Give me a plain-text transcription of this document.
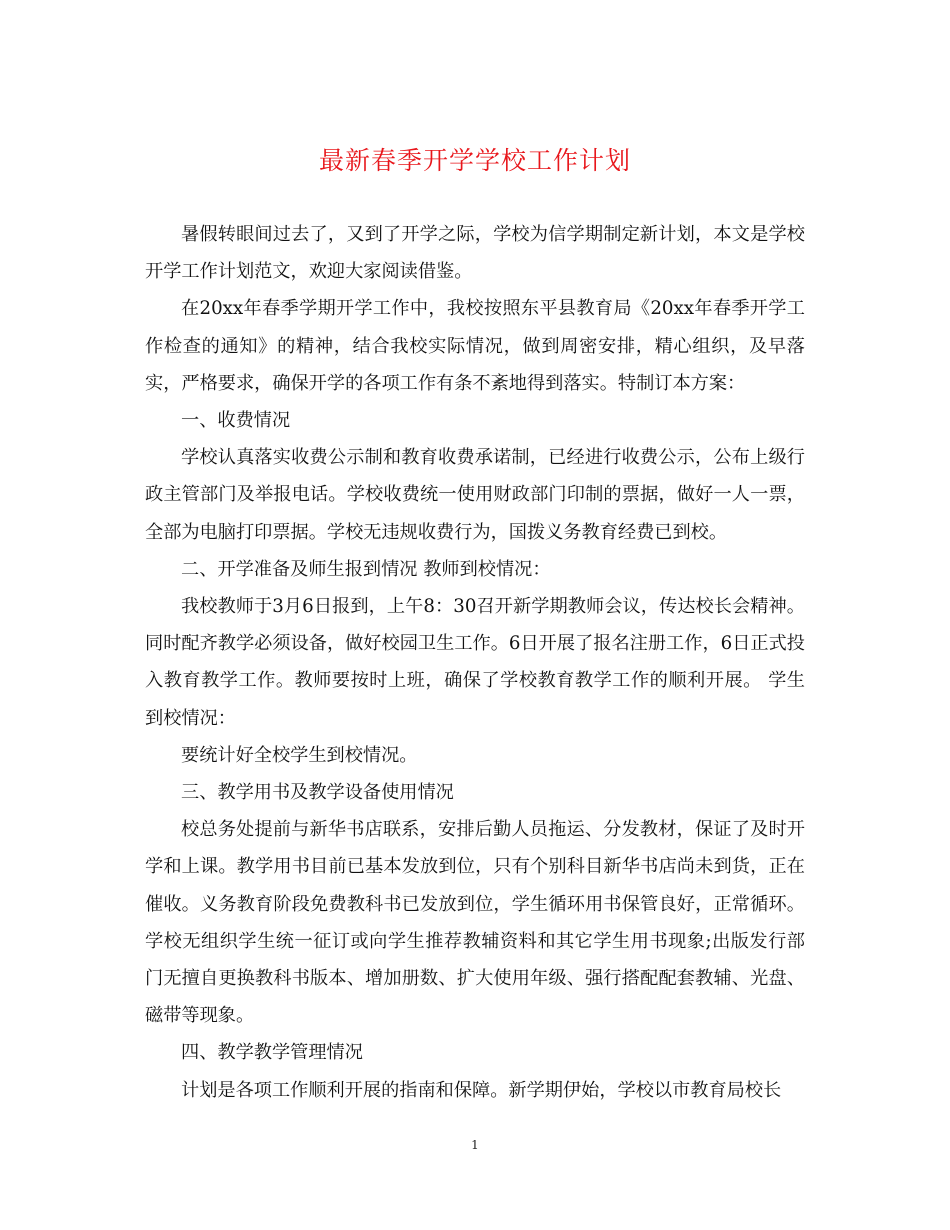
最新春季开学学校工作计划

暑假转眼间过去了，又到了开学之际，学校为信学期制定新计划，本文是学校开学工作计划范文，欢迎大家阅读借鉴。

在20xx年春季学期开学工作中，我校按照东平县教育局《20xx年春季开学工作检查的通知》的精神，结合我校实际情况，做到周密安排，精心组织，及早落实，严格要求，确保开学的各项工作有条不紊地得到落实。特制订本方案：

一、收费情况

学校认真落实收费公示制和教育收费承诺制，已经进行收费公示，公布上级行政主管部门及举报电话。学校收费统一使用财政部门印制的票据，做好一人一票，全部为电脑打印票据。学校无违规收费行为，国拨义务教育经费已到校。

二、开学准备及师生报到情况 教师到校情况：

我校教师于3月6日报到，上午8：30召开新学期教师会议，传达校长会精神。同时配齐教学必须设备，做好校园卫生工作。6日开展了报名注册工作，6日正式投入教育教学工作。教师要按时上班，确保了学校教育教学工作的顺利开展。 学生到校情况：

要统计好全校学生到校情况。

三、教学用书及教学设备使用情况

校总务处提前与新华书店联系，安排后勤人员拖运、分发教材，保证了及时开学和上课。教学用书目前已基本发放到位，只有个别科目新华书店尚未到货，正在催收。义务教育阶段免费教科书已发放到位，学生循环用书保管良好，正常循环。学校无组织学生统一征订或向学生推荐教辅资料和其它学生用书现象;出版发行部门无擅自更换教科书版本、增加册数、扩大使用年级、强行搭配配套教辅、光盘、磁带等现象。

四、教学教学管理情况

计划是各项工作顺利开展的指南和保障。新学期伊始，学校以市教育局校长

1
